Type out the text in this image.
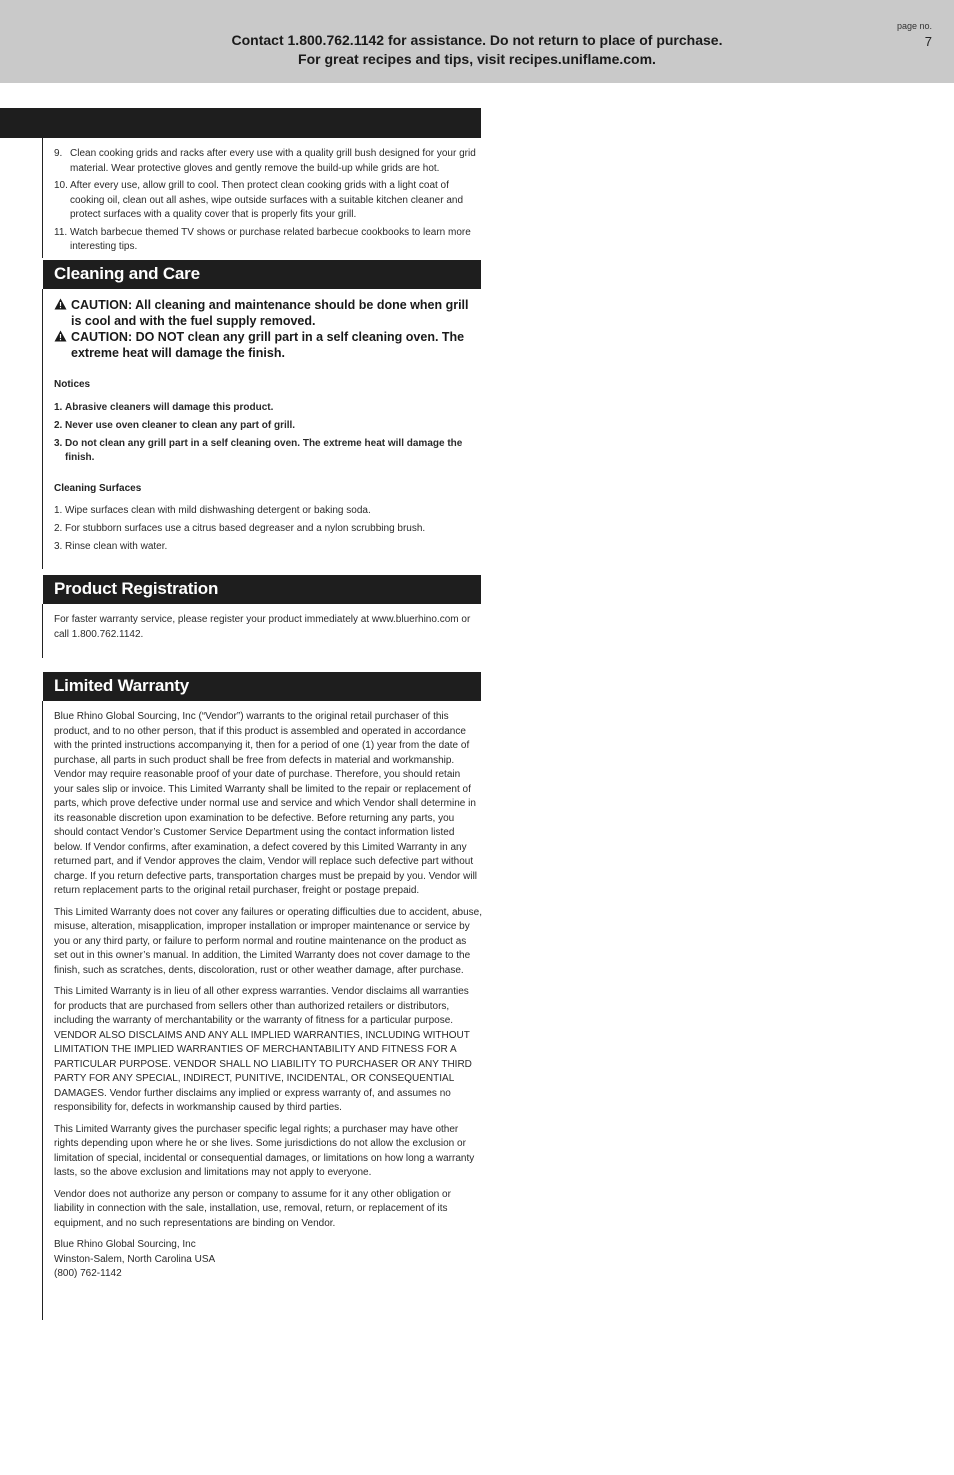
Contact 1.800.762.1142 for assistance. Do not return to place of purchase.
For great recipes and tips, visit recipes.uniflame.com.
page no.
7
9. Clean cooking grids and racks after every use with a quality grill bush designed for your grid material. Wear protective gloves and gently remove the build-up while grids are hot.
10. After every use, allow grill to cool. Then protect clean cooking grids with a light coat of cooking oil, clean out all ashes, wipe outside surfaces with a suitable kitchen cleaner and protect surfaces with a quality cover that is properly fits your grill.
11. Watch barbecue themed TV shows or purchase related barbecue cookbooks to learn more interesting tips.
Cleaning and Care
CAUTION: All cleaning and maintenance should be done when grill is cool and with the fuel supply removed.
CAUTION: DO NOT clean any grill part in a self cleaning oven. The extreme heat will damage the finish.
Notices
1. Abrasive cleaners will damage this product.
2. Never use oven cleaner to clean any part of grill.
3. Do not clean any grill part in a self cleaning oven. The extreme heat will damage the finish.
Cleaning Surfaces
1. Wipe surfaces clean with mild dishwashing detergent or baking soda.
2. For stubborn surfaces use a citrus based degreaser and a nylon scrubbing brush.
3. Rinse clean with water.
Product Registration
For faster warranty service, please register your product immediately at www.bluerhino.com or call 1.800.762.1142.
Limited Warranty
Blue Rhino Global Sourcing, Inc (“Vendor”) warrants to the original retail purchaser of this product, and to no other person, that if this product is assembled and operated in accordance with the printed instructions accompanying it, then for a period of one (1) year from the date of purchase, all parts in such product shall be free from defects in material and workmanship. Vendor may require reasonable proof of your date of purchase. Therefore, you should retain your sales slip or invoice. This Limited Warranty shall be limited to the repair or replacement of parts, which prove defective under normal use and service and which Vendor shall determine in its reasonable discretion upon examination to be defective. Before returning any parts, you should contact Vendor’s Customer Service Department using the contact information listed below. If Vendor confirms, after examination, a defect covered by this Limited Warranty in any returned part, and if Vendor approves the claim, Vendor will replace such defective part without charge. If you return defective parts, transportation charges must be prepaid by you. Vendor will return replacement parts to the original retail purchaser, freight or postage prepaid.
This Limited Warranty does not cover any failures or operating difficulties due to accident, abuse, misuse, alteration, misapplication, improper installation or improper maintenance or service by you or any third party, or failure to perform normal and routine maintenance on the product as set out in this owner’s manual. In addition, the Limited Warranty does not cover damage to the finish, such as scratches, dents, discoloration, rust or other weather damage, after purchase.
This Limited Warranty is in lieu of all other express warranties. Vendor disclaims all warranties for products that are purchased from sellers other than authorized retailers or distributors, including the warranty of merchantability or the warranty of fitness for a particular purpose. VENDOR ALSO DISCLAIMS AND ANY ALL IMPLIED WARRANTIES, INCLUDING WITHOUT LIMITATION THE IMPLIED WARRANTIES OF MERCHANTABILITY AND FITNESS FOR A PARTICULAR PURPOSE. VENDOR SHALL NO LIABILITY TO PURCHASER OR ANY THIRD PARTY FOR ANY SPECIAL, INDIRECT, PUNITIVE, INCIDENTAL, OR CONSEQUENTIAL DAMAGES. Vendor further disclaims any implied or express warranty of, and assumes no responsibility for, defects in workmanship caused by third parties.
This Limited Warranty gives the purchaser specific legal rights; a purchaser may have other rights depending upon where he or she lives. Some jurisdictions do not allow the exclusion or limitation of special, incidental or consequential damages, or limitations on how long a warranty lasts, so the above exclusion and limitations may not apply to everyone.
Vendor does not authorize any person or company to assume for it any other obligation or liability in connection with the sale, installation, use, removal, return, or replacement of its equipment, and no such representations are binding on Vendor.
Blue Rhino Global Sourcing, Inc
Winston-Salem, North Carolina USA
(800) 762-1142
